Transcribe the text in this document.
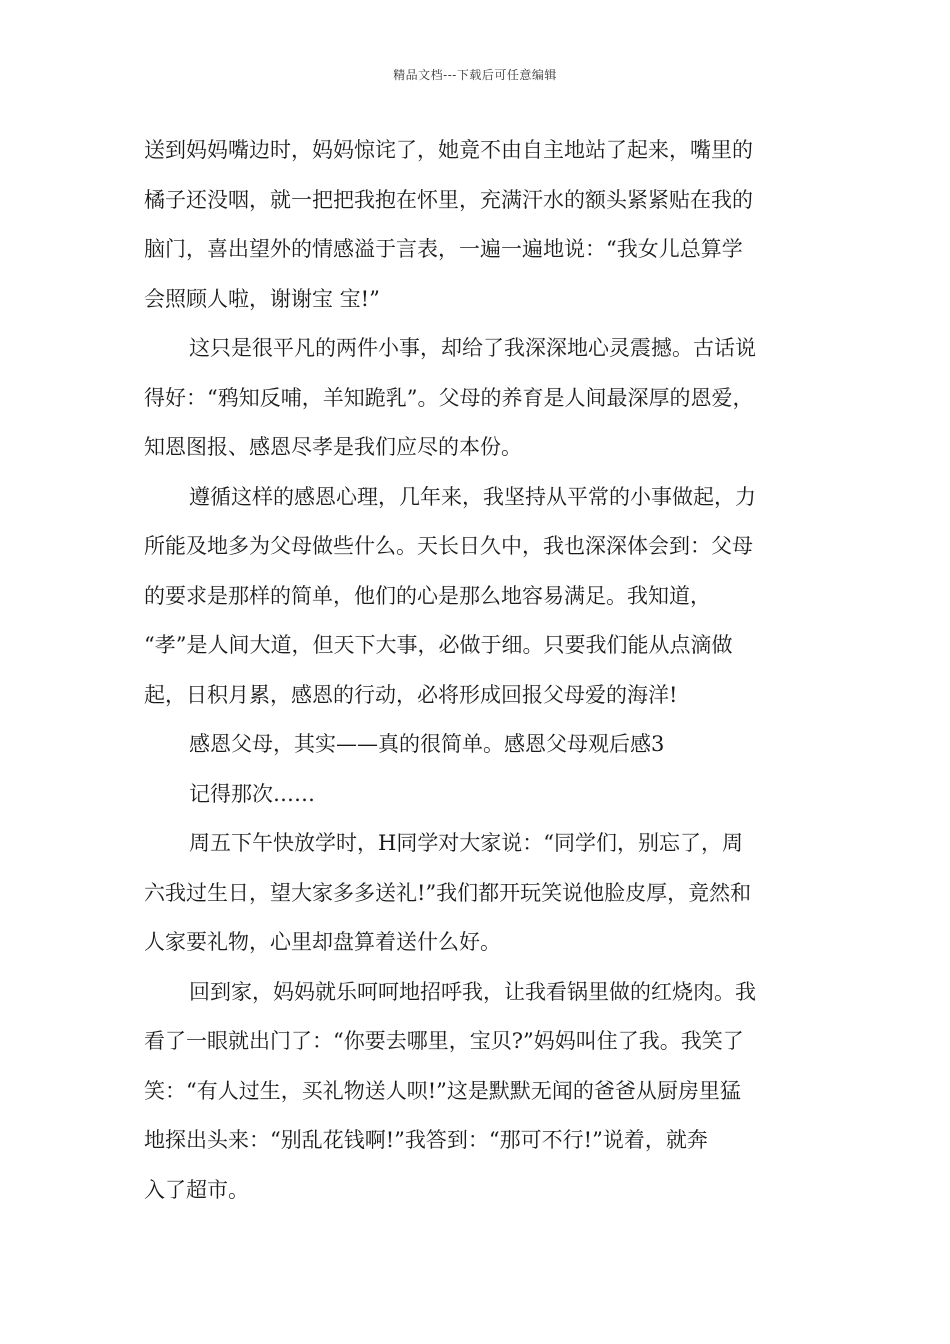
精品文档---下载后可任意编辑

送到妈妈嘴边时，妈妈惊诧了，她竟不由自主地站了起来，嘴里的
橘子还没咽，就一把把我抱在怀里，充满汗水的额头紧紧贴在我的
脑门，喜出望外的情感溢于言表，一遍一遍地说：“我女儿总算学
会照顾人啦，谢谢宝 宝!”

这只是很平凡的两件小事，却给了我深深地心灵震撼。古话说
得好：“鸦知反哺，羊知跪乳”。父母的养育是人间最深厚的恩爱，
知恩图报、感恩尽孝是我们应尽的本份。

遵循这样的感恩心理，几年来，我坚持从平常的小事做起，力
所能及地多为父母做些什么。天长日久中，我也深深体会到：父母
的要求是那样的简单，他们的心是那么地容易满足。我知道，
“孝”是人间大道，但天下大事，必做于细。只要我们能从点滴做
起，日积月累，感恩的行动，必将形成回报父母爱的海洋!

感恩父母，其实——真的很简单。感恩父母观后感3

记得那次……

周五下午快放学时，H同学对大家说：“同学们，别忘了，周
六我过生日，望大家多多送礼!”我们都开玩笑说他脸皮厚，竟然和
人家要礼物，心里却盘算着送什么好。

回到家，妈妈就乐呵呵地招呼我，让我看锅里做的红烧肉。我
看了一眼就出门了：“你要去哪里，宝贝?”妈妈叫住了我。我笑了
笑：“有人过生，买礼物送人呗!”这是默默无闻的爸爸从厨房里猛
地探出头来：“别乱花钱啊!”我答到：“那可不行!”说着，就奔
入了超市。
